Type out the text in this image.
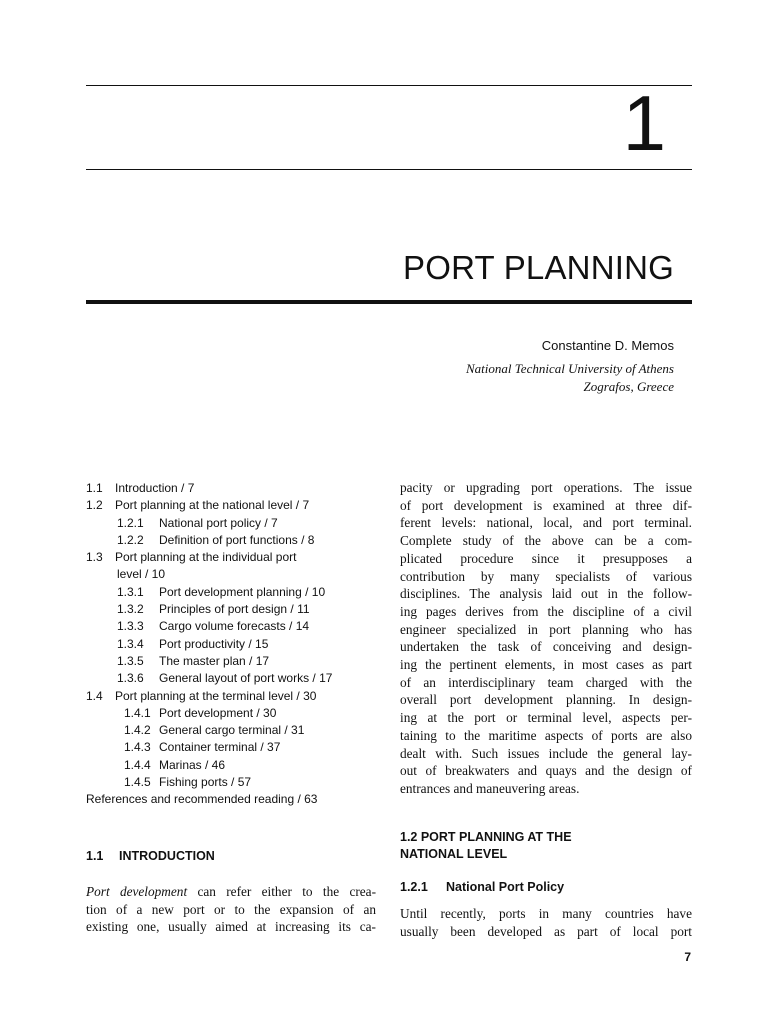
1
PORT PLANNING
Constantine D. Memos
National Technical University of Athens
Zografos, Greece
1.1	Introduction / 7
1.2	Port planning at the national level / 7
1.2.1	National port policy / 7
1.2.2	Definition of port functions / 8
1.3	Port planning at the individual port
level / 10
1.3.1	Port development planning / 10
1.3.2	Principles of port design / 11
1.3.3	Cargo volume forecasts / 14
1.3.4	Port productivity / 15
1.3.5	The master plan / 17
1.3.6	General layout of port works / 17
1.4	Port planning at the terminal level / 30
1.4.1 Port development / 30
1.4.2 General cargo terminal / 31
1.4.3 Container terminal / 37
1.4.4 Marinas / 46
1.4.5 Fishing ports / 57
References and recommended reading / 63
1.1 INTRODUCTION
Port development can refer either to the crea-
tion of a new port or to the expansion of an
existing one, usually aimed at increasing its ca-
pacity or upgrading port operations. The issue
of port development is examined at three dif-
ferent levels: national, local, and port terminal.
Complete study of the above can be a com-
plicated procedure since it presupposes a
contribution by many specialists of various
disciplines. The analysis laid out in the follow-
ing pages derives from the discipline of a civil
engineer specialized in port planning who has
undertaken the task of conceiving and design-
ing the pertinent elements, in most cases as part
of an interdisciplinary team charged with the
overall port development planning. In design-
ing at the port or terminal level, aspects per-
taining to the maritime aspects of ports are also
dealt with. Such issues include the general lay-
out of breakwaters and quays and the design of
entrances and maneuvering areas.
1.2 PORT PLANNING AT THE
NATIONAL LEVEL
1.2.1 National Port Policy
Until recently, ports in many countries have
usually been developed as part of local port
7
